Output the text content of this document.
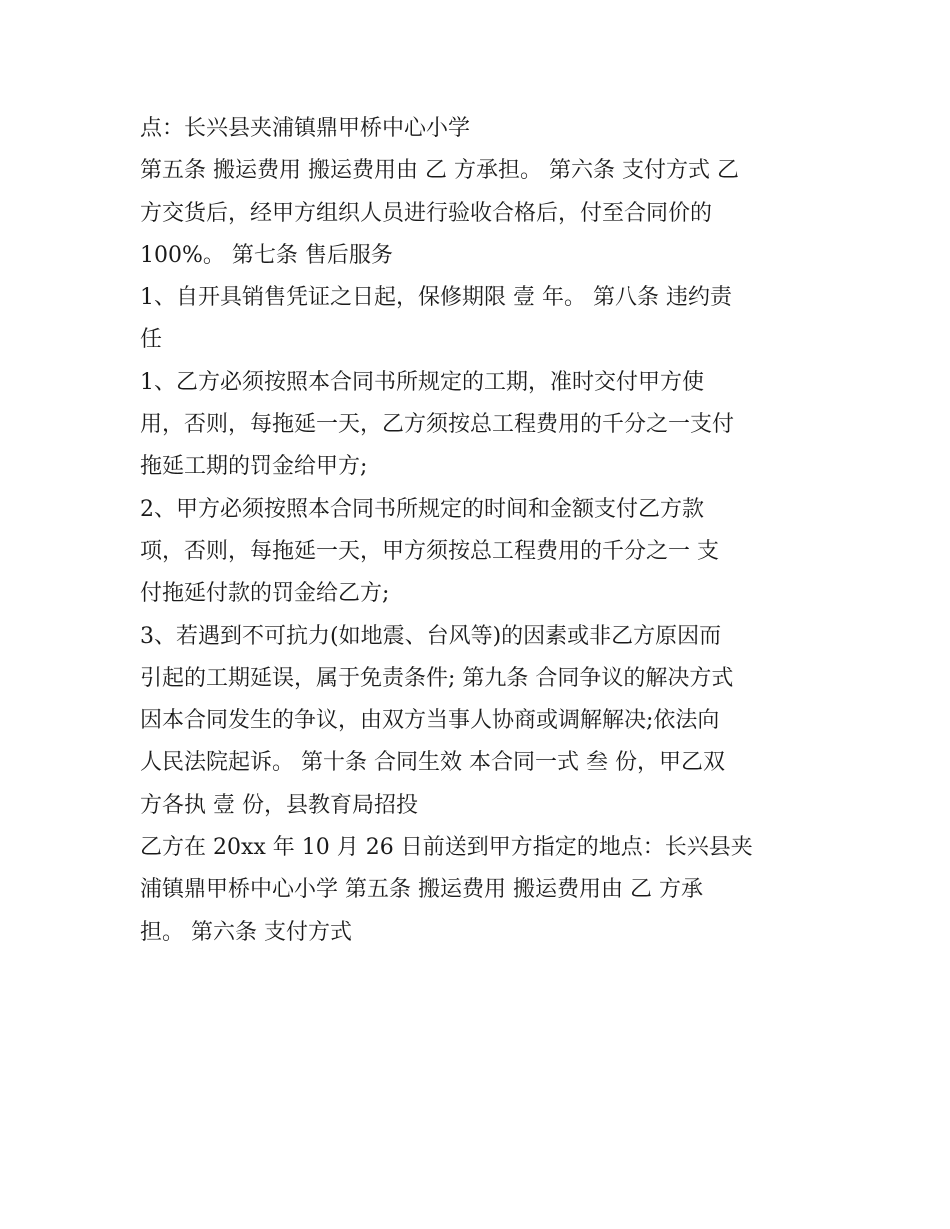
点：长兴县夹浦镇鼎甲桥中心小学
第五条 搬运费用 搬运费用由 乙 方承担。 第六条 支付方式 乙
方交货后，经甲方组织人员进行验收合格后，付至合同价的
100%。 第七条 售后服务
1、自开具销售凭证之日起，保修期限 壹 年。 第八条 违约责
任
1、乙方必须按照本合同书所规定的工期，准时交付甲方使
用，否则，每拖延一天，乙方须按总工程费用的千分之一支付
拖延工期的罚金给甲方;
2、甲方必须按照本合同书所规定的时间和金额支付乙方款
项，否则，每拖延一天，甲方须按总工程费用的千分之一 支
付拖延付款的罚金给乙方;
3、若遇到不可抗力(如地震、台风等)的因素或非乙方原因而
引起的工期延误，属于免责条件; 第九条 合同争议的解决方式
因本合同发生的争议，由双方当事人协商或调解解决;依法向
人民法院起诉。 第十条 合同生效 本合同一式 叁 份，甲乙双
方各执 壹 份，县教育局招投
乙方在 20xx 年 10 月 26 日前送到甲方指定的地点：长兴县夹
浦镇鼎甲桥中心小学 第五条 搬运费用 搬运费用由 乙 方承
担。 第六条 支付方式
